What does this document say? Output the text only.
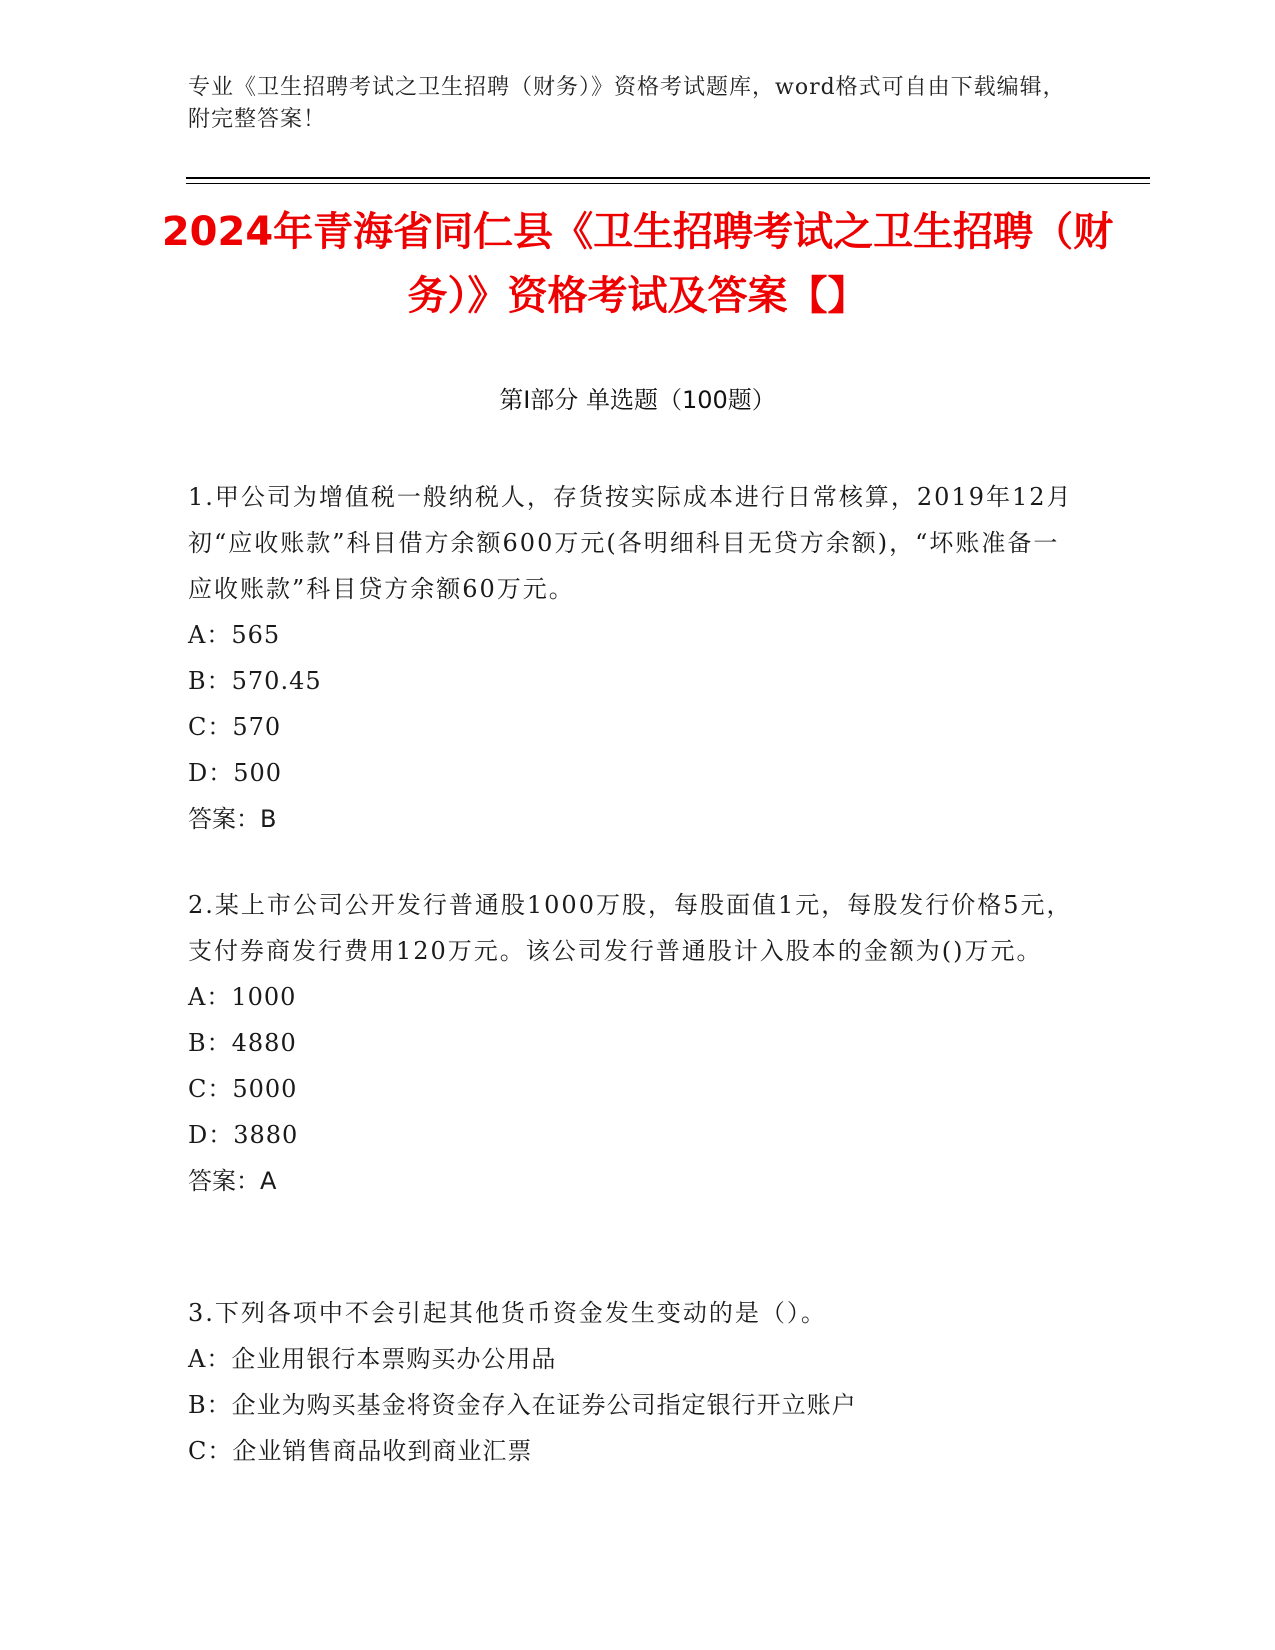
专业《卫生招聘考试之卫生招聘（财务）》资格考试题库，word格式可自由下载编辑，附完整答案！
2024年青海省同仁县《卫生招聘考试之卫生招聘（财务）》资格考试及答案【】
第I部分 单选题（100题）

1.甲公司为增值税一般纳税人，存货按实际成本进行日常核算，2019年12月初“应收账款”科目借方余额600万元(各明细科目无贷方余额)，“坏账准备一应收账款”科目贷方余额60万元。

A：565

B：570.45

C：570

D：500

答案：B

2.某上市公司公开发行普通股1000万股，每股面值1元，每股发行价格5元，支付券商发行费用120万元。该公司发行普通股计入股本的金额为()万元。

A：1000

B：4880

C：5000

D：3880

答案：A

3.下列各项中不会引起其他货币资金发生变动的是（）。

A：企业用银行本票购买办公用品

B：企业为购买基金将资金存入在证券公司指定银行开立账户

C：企业销售商品收到商业汇票
